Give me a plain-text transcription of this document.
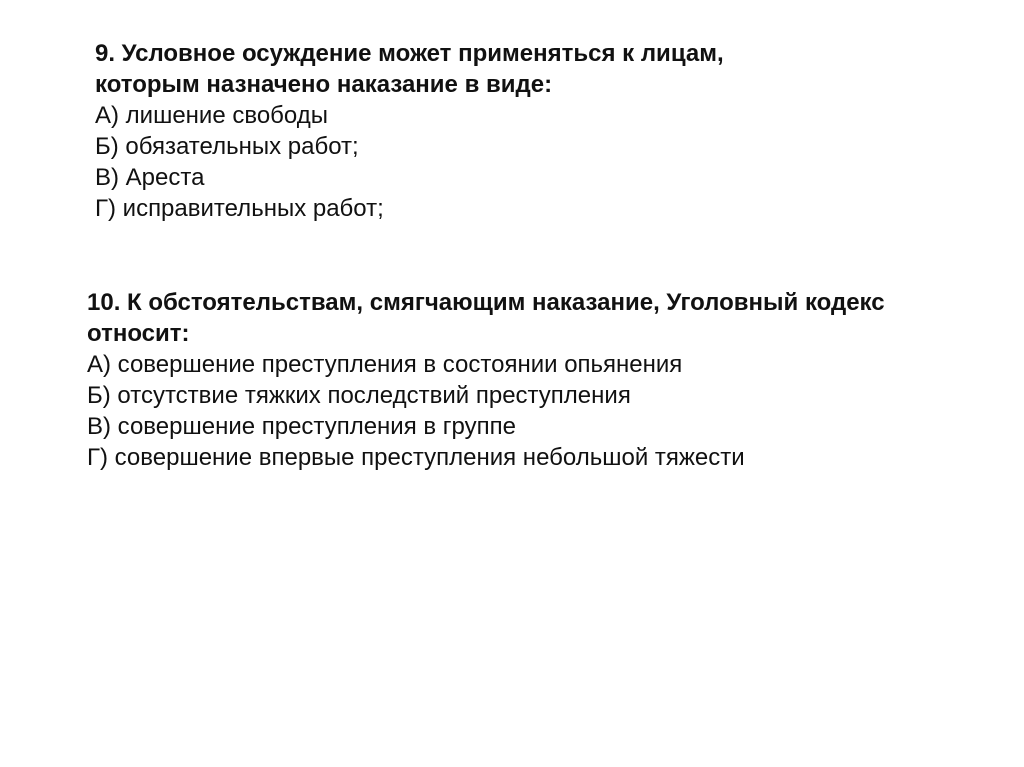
9. Условное осуждение может применяться к лицам,
которым назначено наказание в виде:
А) лишение свободы
Б) обязательных работ;
В) Ареста
Г) исправительных работ;
10. К обстоятельствам, смягчающим наказание, Уголовный кодекс
относит:
А) совершение преступления в состоянии опьянения
Б) отсутствие тяжких последствий преступления
В) совершение преступления в группе
Г) совершение впервые преступления небольшой тяжести
